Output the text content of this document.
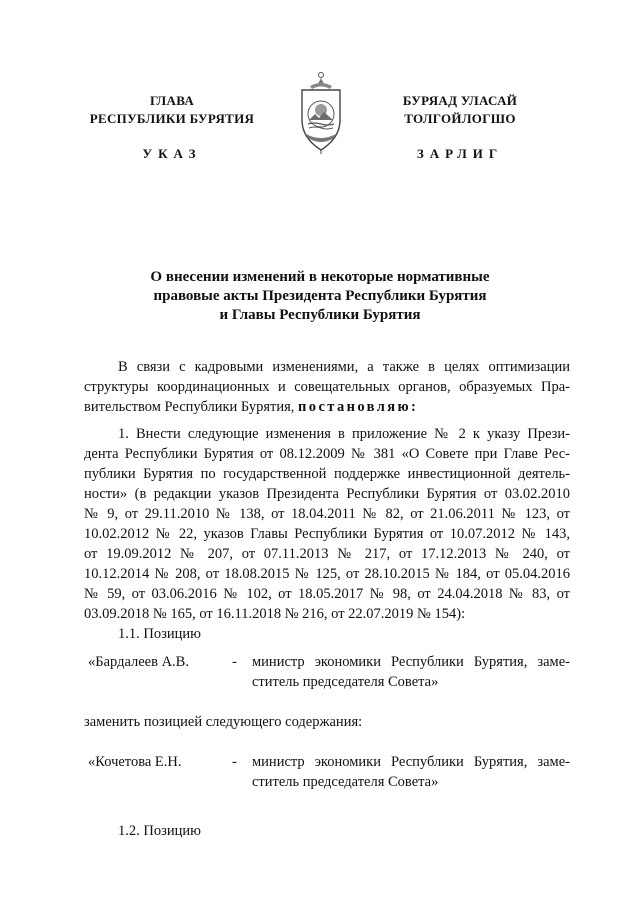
ГЛАВА
РЕСПУБЛИКИ БУРЯТИЯ
УКАЗ
БУРЯАД УЛАСАЙ
ТОЛГОЙЛОГШО
ЗАРЛИГ
О внесении изменений в некоторые нормативные
правовые акты Президента Республики Бурятия
и Главы Республики Бурятия
В связи с кадровыми изменениями, а также в целях оптимизации
структуры координационных и совещательных органов, образуемых Пра-
вительством Республики Бурятия, постановляю:
1. Внести следующие изменения в приложение № 2 к указу Прези-
дента Республики Бурятия от 08.12.2009 № 381 «О Совете при Главе Рес-
публики Бурятия по государственной поддержке инвестиционной деятель-
ности» (в редакции указов Президента Республики Бурятия от 03.02.2010
№ 9, от 29.11.2010 № 138, от 18.04.2011 № 82, от 21.06.2011 № 123, от
10.02.2012 № 22, указов Главы Республики Бурятия от 10.07.2012 № 143,
от 19.09.2012 № 207, от 07.11.2013 № 217, от 17.12.2013 № 240, от
10.12.2014 № 208, от 18.08.2015 № 125, от 28.10.2015 № 184, от 05.04.2016
№ 59, от 03.06.2016 № 102, от 18.05.2017 № 98, от 24.04.2018 № 83, от
03.09.2018 № 165, от 16.11.2018 № 216, от 22.07.2019 № 154):
1.1. Позицию
«Бардалеев А.В.	- министр экономики Республики Бурятия, заме-
ститель председателя Совета»
заменить позицией следующего содержания:
«Кочетова Е.Н.	- министр экономики Республики Бурятия, заме-
ститель председателя Совета»
1.2. Позицию
